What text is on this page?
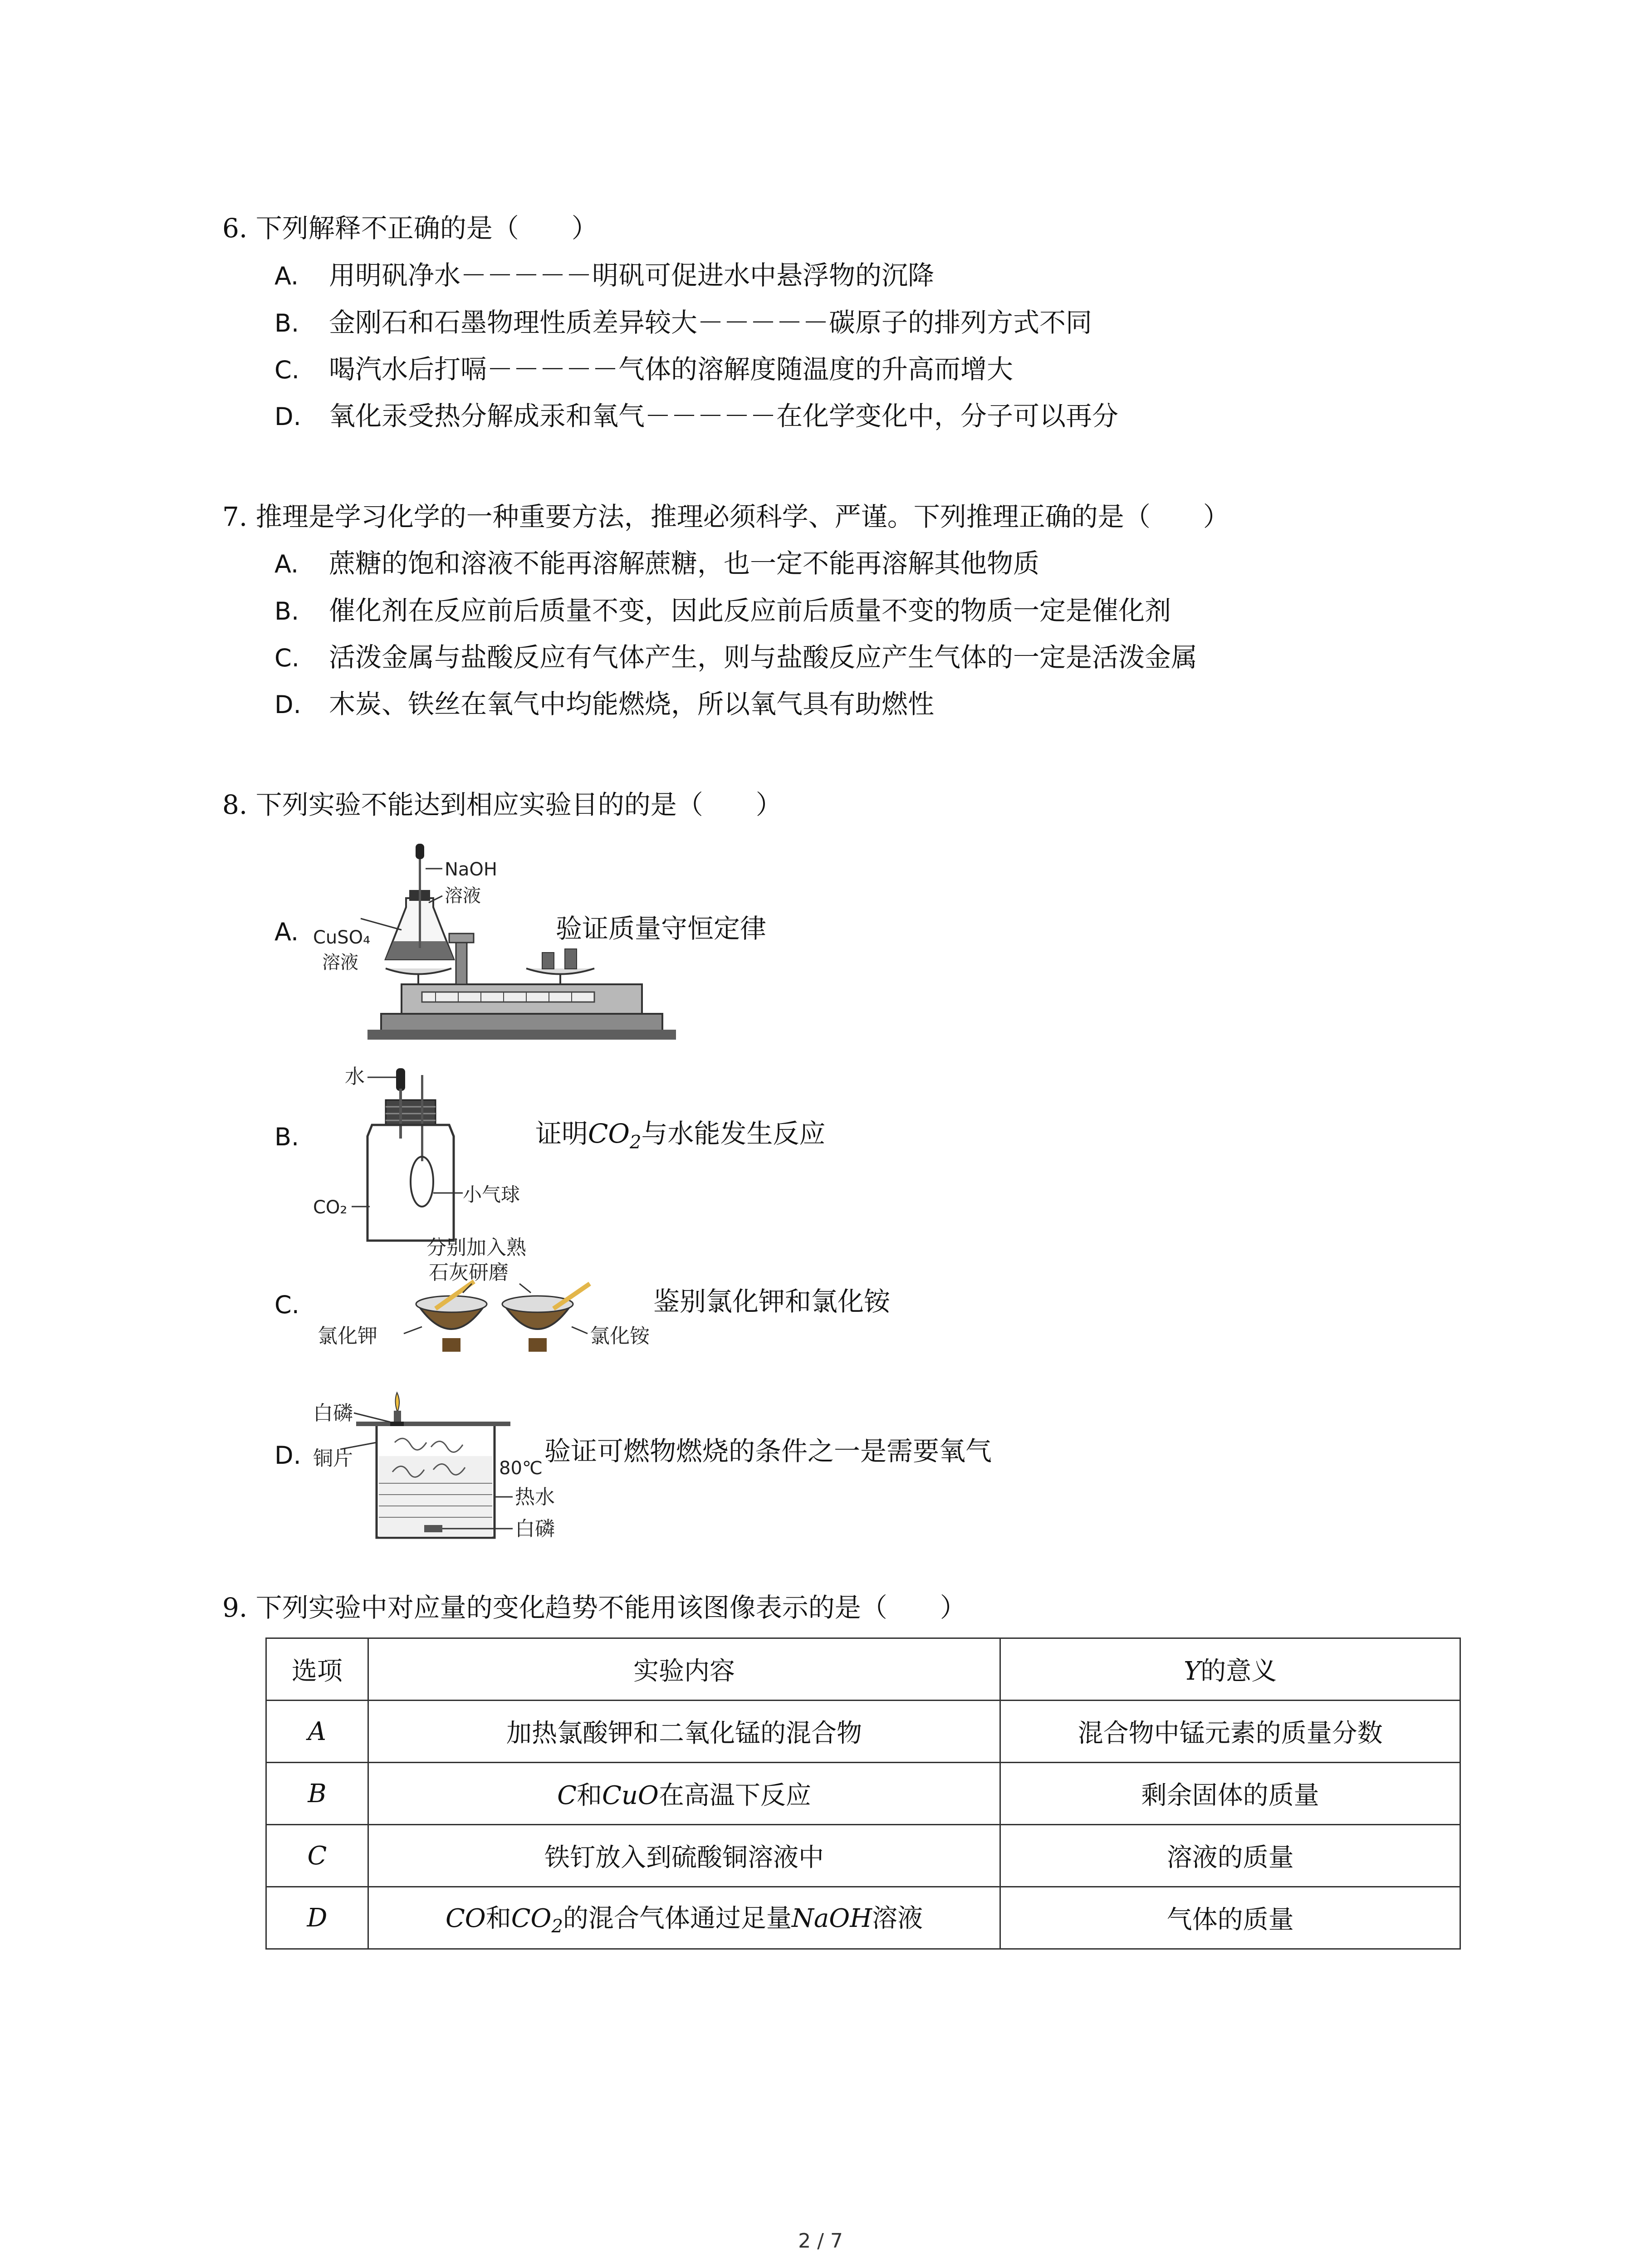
6. 下列解释不正确的是（　　）
A. 用明矾净水－－－－－明矾可促进水中悬浮物的沉降
B. 金刚石和石墨物理性质差异较大－－－－－碳原子的排列方式不同
C. 喝汽水后打嗝－－－－－气体的溶解度随温度的升高而增大
D. 氧化汞受热分解成汞和氧气－－－－－在化学变化中，分子可以再分
7. 推理是学习化学的一种重要方法，推理必须科学、严谨。下列推理正确的是（　　）
A. 蔗糖的饱和溶液不能再溶解蔗糖，也一定不能再溶解其他物质
B. 催化剂在反应前后质量不变，因此反应前后质量不变的物质一定是催化剂
C. 活泼金属与盐酸反应有气体产生，则与盐酸反应产生气体的一定是活泼金属
D. 木炭、铁丝在氧气中均能燃烧，所以氧气具有助燃性
8. 下列实验不能达到相应实验目的的是（　　）
A.
NaOH
溶液
CuSO₄
溶液
验证质量守恒定律
B.
水
CO₂
小气球
证明$CO_2$与水能发生反应
C.
分别加入熟
石灰研磨
氯化钾	氯化铵
鉴别氯化钾和氯化铵
D.
白磷
铜片	80℃
热水
白磷
验证可燃物燃烧的条件之一是需要氧气
9. 下列实验中对应量的变化趋势不能用该图像表示的是（　　）
选项	实验内容	Y的意义
A	加热氯酸钾和二氧化锰的混合物	混合物中锰元素的质量分数
B	C和CuO在高温下反应	剩余固体的质量
C	铁钉放入到硫酸铜溶液中	溶液的质量
D	CO和$CO_2$的混合气体通过足量NaOH溶液	气体的质量
2 / 7
